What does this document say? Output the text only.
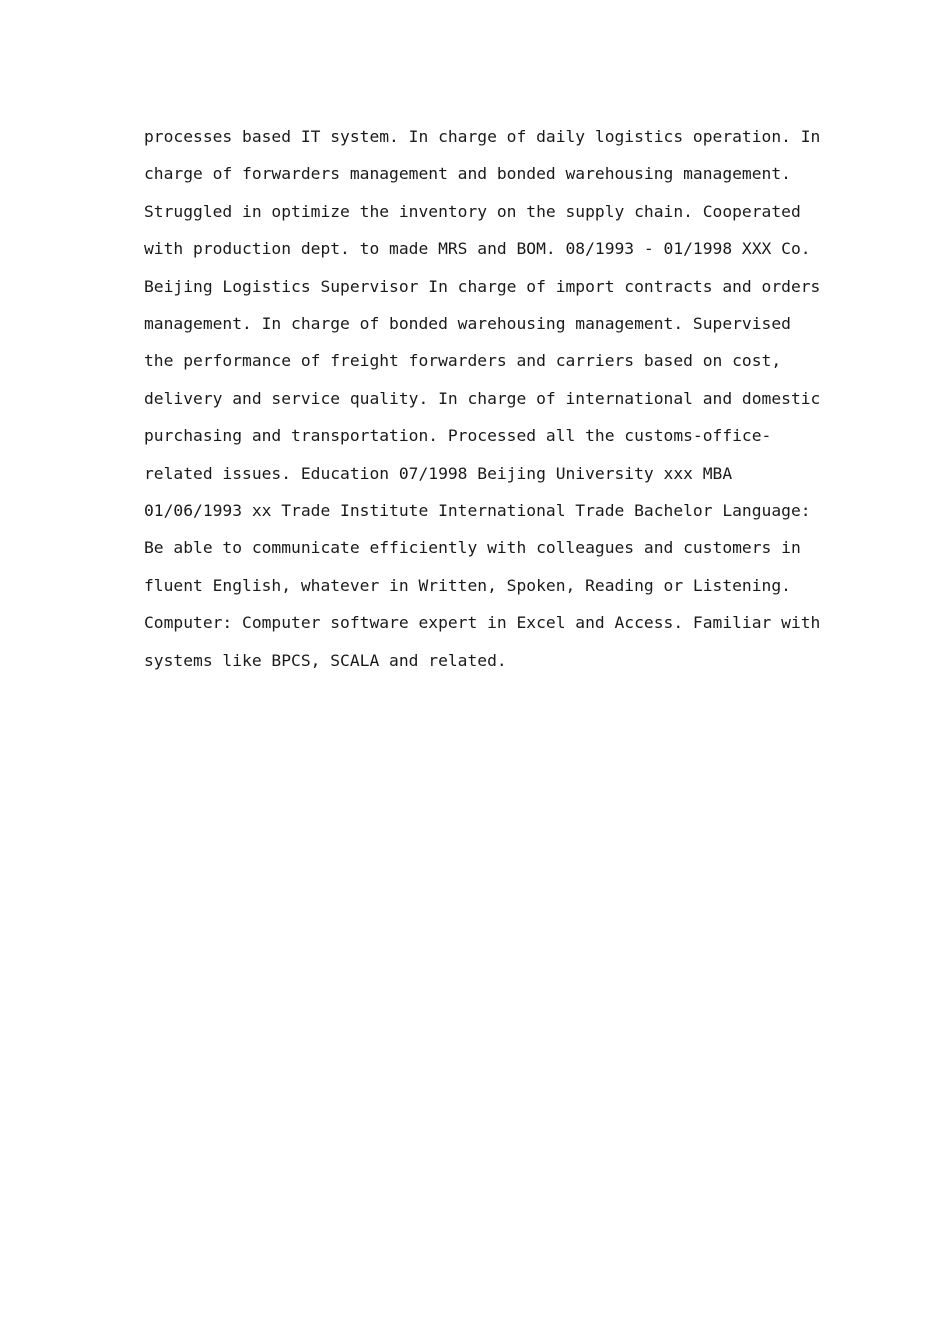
processes based IT system. In charge of daily logistics operation. In
charge of forwarders management and bonded warehousing management.
Struggled in optimize the inventory on the supply chain. Cooperated
with production dept. to made MRS and BOM. 08/1993 - 01/1998 XXX Co.
Beijing Logistics Supervisor In charge of import contracts and orders
management. In charge of bonded warehousing management. Supervised
the performance of freight forwarders and carriers based on cost,
delivery and service quality. In charge of international and domestic
purchasing and transportation. Processed all the customs-office-
related issues. Education 07/1998 Beijing University xxx MBA
01/06/1993 xx Trade Institute International Trade Bachelor Language:
Be able to communicate efficiently with colleagues and customers in
fluent English, whatever in Written, Spoken, Reading or Listening.
Computer: Computer software expert in Excel and Access. Familiar with
systems like BPCS, SCALA and related.
